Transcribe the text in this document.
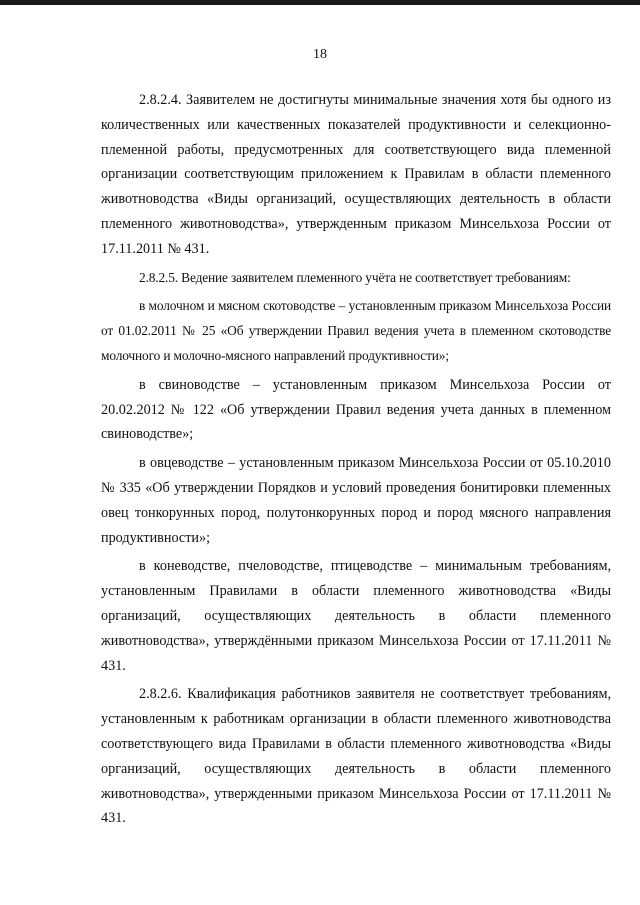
18

2.8.2.4. Заявителем не достигнуты минимальные значения хотя бы одного из количественных или качественных показателей продуктивности и селекционно-племенной работы, предусмотренных для соответствующего вида племенной организации соответствующим приложением к Правилам в области племенного животноводства «Виды организаций, осуществляющих деятельность в области племенного животноводства», утвержденным приказом Минсельхоза России от 17.11.2011 № 431.

2.8.2.5. Ведение заявителем племенного учёта не соответствует требованиям:

в молочном и мясном скотоводстве – установленным приказом Минсельхоза России от 01.02.2011 № 25 «Об утверждении Правил ведения учета в племенном скотоводстве молочного и молочно-мясного направлений продуктивности»;

в свиноводстве – установленным приказом Минсельхоза России от 20.02.2012 № 122 «Об утверждении Правил ведения учета данных в племенном свиноводстве»;

в овцеводстве – установленным приказом Минсельхоза России от 05.10.2010 № 335 «Об утверждении Порядков и условий проведения бонитировки племенных овец тонкорунных пород, полутонкорунных пород и пород мясного направления продуктивности»;

в коневодстве, пчеловодстве, птицеводстве – минимальным требованиям, установленным Правилами в области племенного животноводства «Виды организаций, осуществляющих деятельность в области племенного животноводства», утверждёнными приказом Минсельхоза России от 17.11.2011 № 431.

2.8.2.6. Квалификация работников заявителя не соответствует требованиям, установленным к работникам организации в области племенного животноводства соответствующего вида Правилами в области племенного животноводства «Виды организаций, осуществляющих деятельность в области племенного животноводства», утвержденными приказом Минсельхоза России от 17.11.2011 № 431.
